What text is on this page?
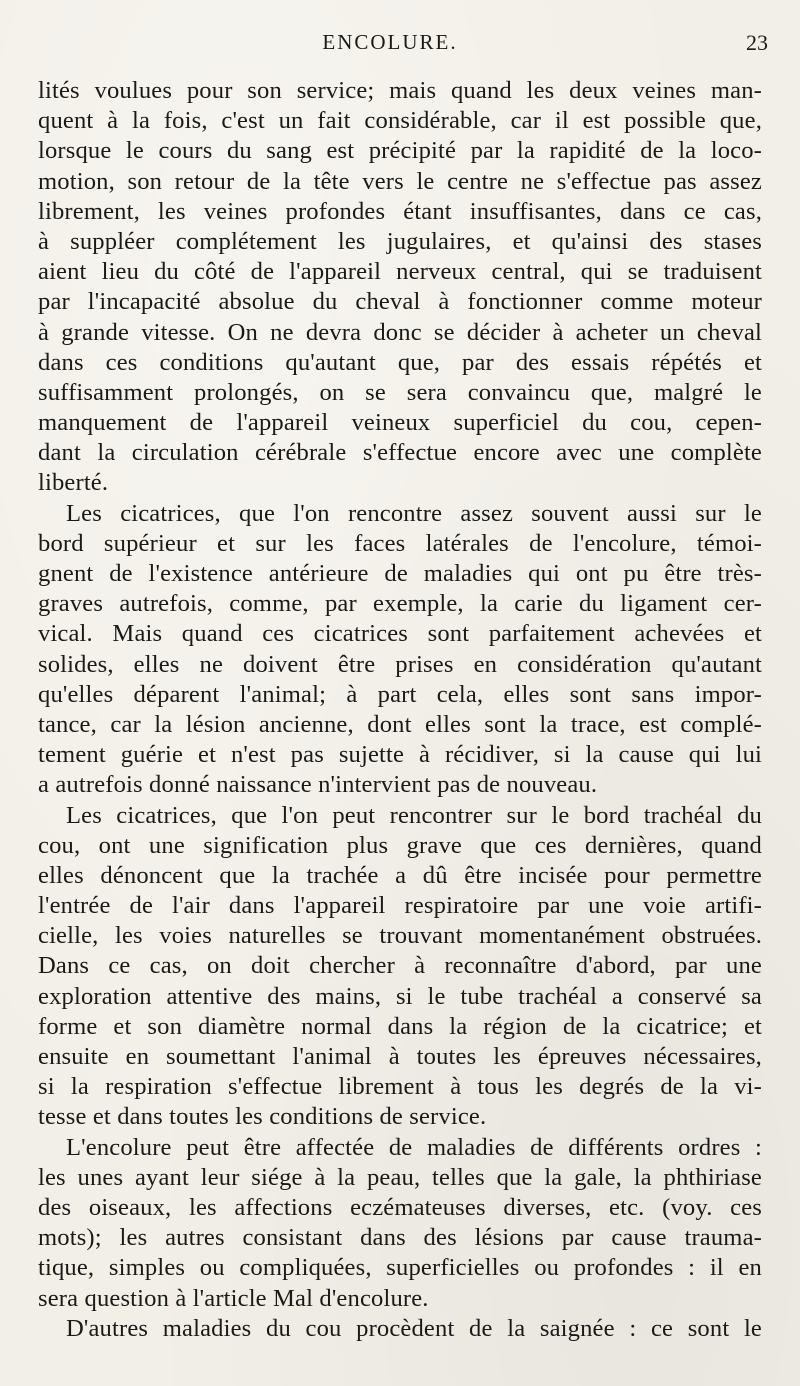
ENCOLURE.	23

lités voulues pour son service; mais quand les deux veines man-
quent à la fois, c'est un fait considérable, car il est possible que,
lorsque le cours du sang est précipité par la rapidité de la loco-
motion, son retour de la tête vers le centre ne s'effectue pas assez
librement, les veines profondes étant insuffisantes, dans ce cas,
à suppléer complétement les jugulaires, et qu'ainsi des stases
aient lieu du côté de l'appareil nerveux central, qui se traduisent
par l'incapacité absolue du cheval à fonctionner comme moteur
à grande vitesse. On ne devra donc se décider à acheter un cheval
dans ces conditions qu'autant que, par des essais répétés et
suffisamment prolongés, on se sera convaincu que, malgré le
manquement de l'appareil veineux superficiel du cou, cepen-
dant la circulation cérébrale s'effectue encore avec une complète
liberté.

Les cicatrices, que l'on rencontre assez souvent aussi sur le
bord supérieur et sur les faces latérales de l'encolure, témoi-
gnent de l'existence antérieure de maladies qui ont pu être très-
graves autrefois, comme, par exemple, la carie du ligament cer-
vical. Mais quand ces cicatrices sont parfaitement achevées et
solides, elles ne doivent être prises en considération qu'autant
qu'elles déparent l'animal; à part cela, elles sont sans impor-
tance, car la lésion ancienne, dont elles sont la trace, est complé-
tement guérie et n'est pas sujette à récidiver, si la cause qui lui
a autrefois donné naissance n'intervient pas de nouveau.

Les cicatrices, que l'on peut rencontrer sur le bord trachéal du
cou, ont une signification plus grave que ces dernières, quand
elles dénoncent que la trachée a dû être incisée pour permettre
l'entrée de l'air dans l'appareil respiratoire par une voie artifi-
cielle, les voies naturelles se trouvant momentanément obstruées.
Dans ce cas, on doit chercher à reconnaître d'abord, par une
exploration attentive des mains, si le tube trachéal a conservé sa
forme et son diamètre normal dans la région de la cicatrice; et
ensuite en soumettant l'animal à toutes les épreuves nécessaires,
si la respiration s'effectue librement à tous les degrés de la vi-
tesse et dans toutes les conditions de service.

L'encolure peut être affectée de maladies de différents ordres :
les unes ayant leur siége à la peau, telles que la gale, la phthiriase
des oiseaux, les affections eczémateuses diverses, etc. (voy. ces
mots); les autres consistant dans des lésions par cause trauma-
tique, simples ou compliquées, superficielles ou profondes : il en
sera question à l'article Mal d'encolure.

D'autres maladies du cou procèdent de la saignée : ce sont le
